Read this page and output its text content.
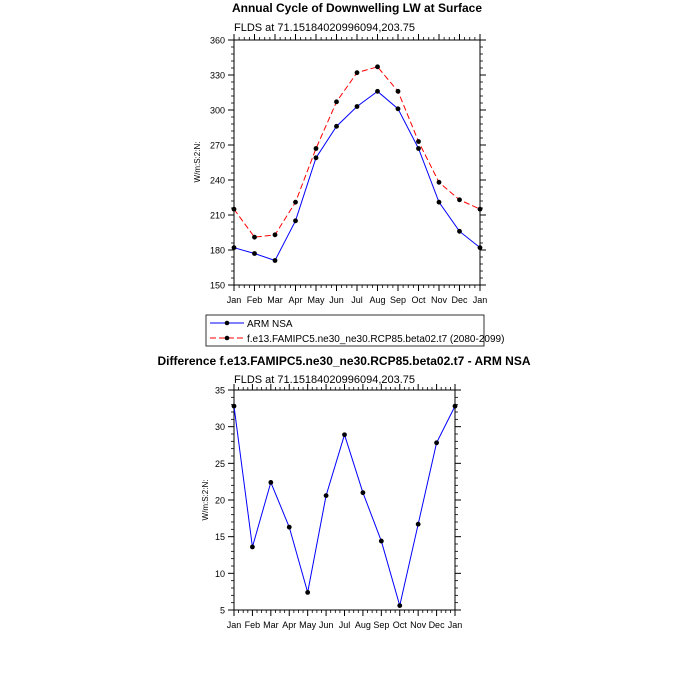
Annual Cycle of Downwelling LW at Surface
FLDS at 71.15184020996094,203.75
W/m:S:2:N:
150
180
210
240
270
300
330
360
Jan Feb Mar Apr May Jun Jul Aug Sep Oct Nov Dec Jan
ARM NSA
f.e13.FAMIPC5.ne30_ne30.RCP85.beta02.t7 (2080-2099)
Difference f.e13.FAMIPC5.ne30_ne30.RCP85.beta02.t7 - ARM NSA
FLDS at 71.15184020996094,203.75
W/m:S:2:N:
5
10
15
20
25
30
35
Jan Feb Mar Apr May Jun Jul Aug Sep Oct Nov Dec Jan
